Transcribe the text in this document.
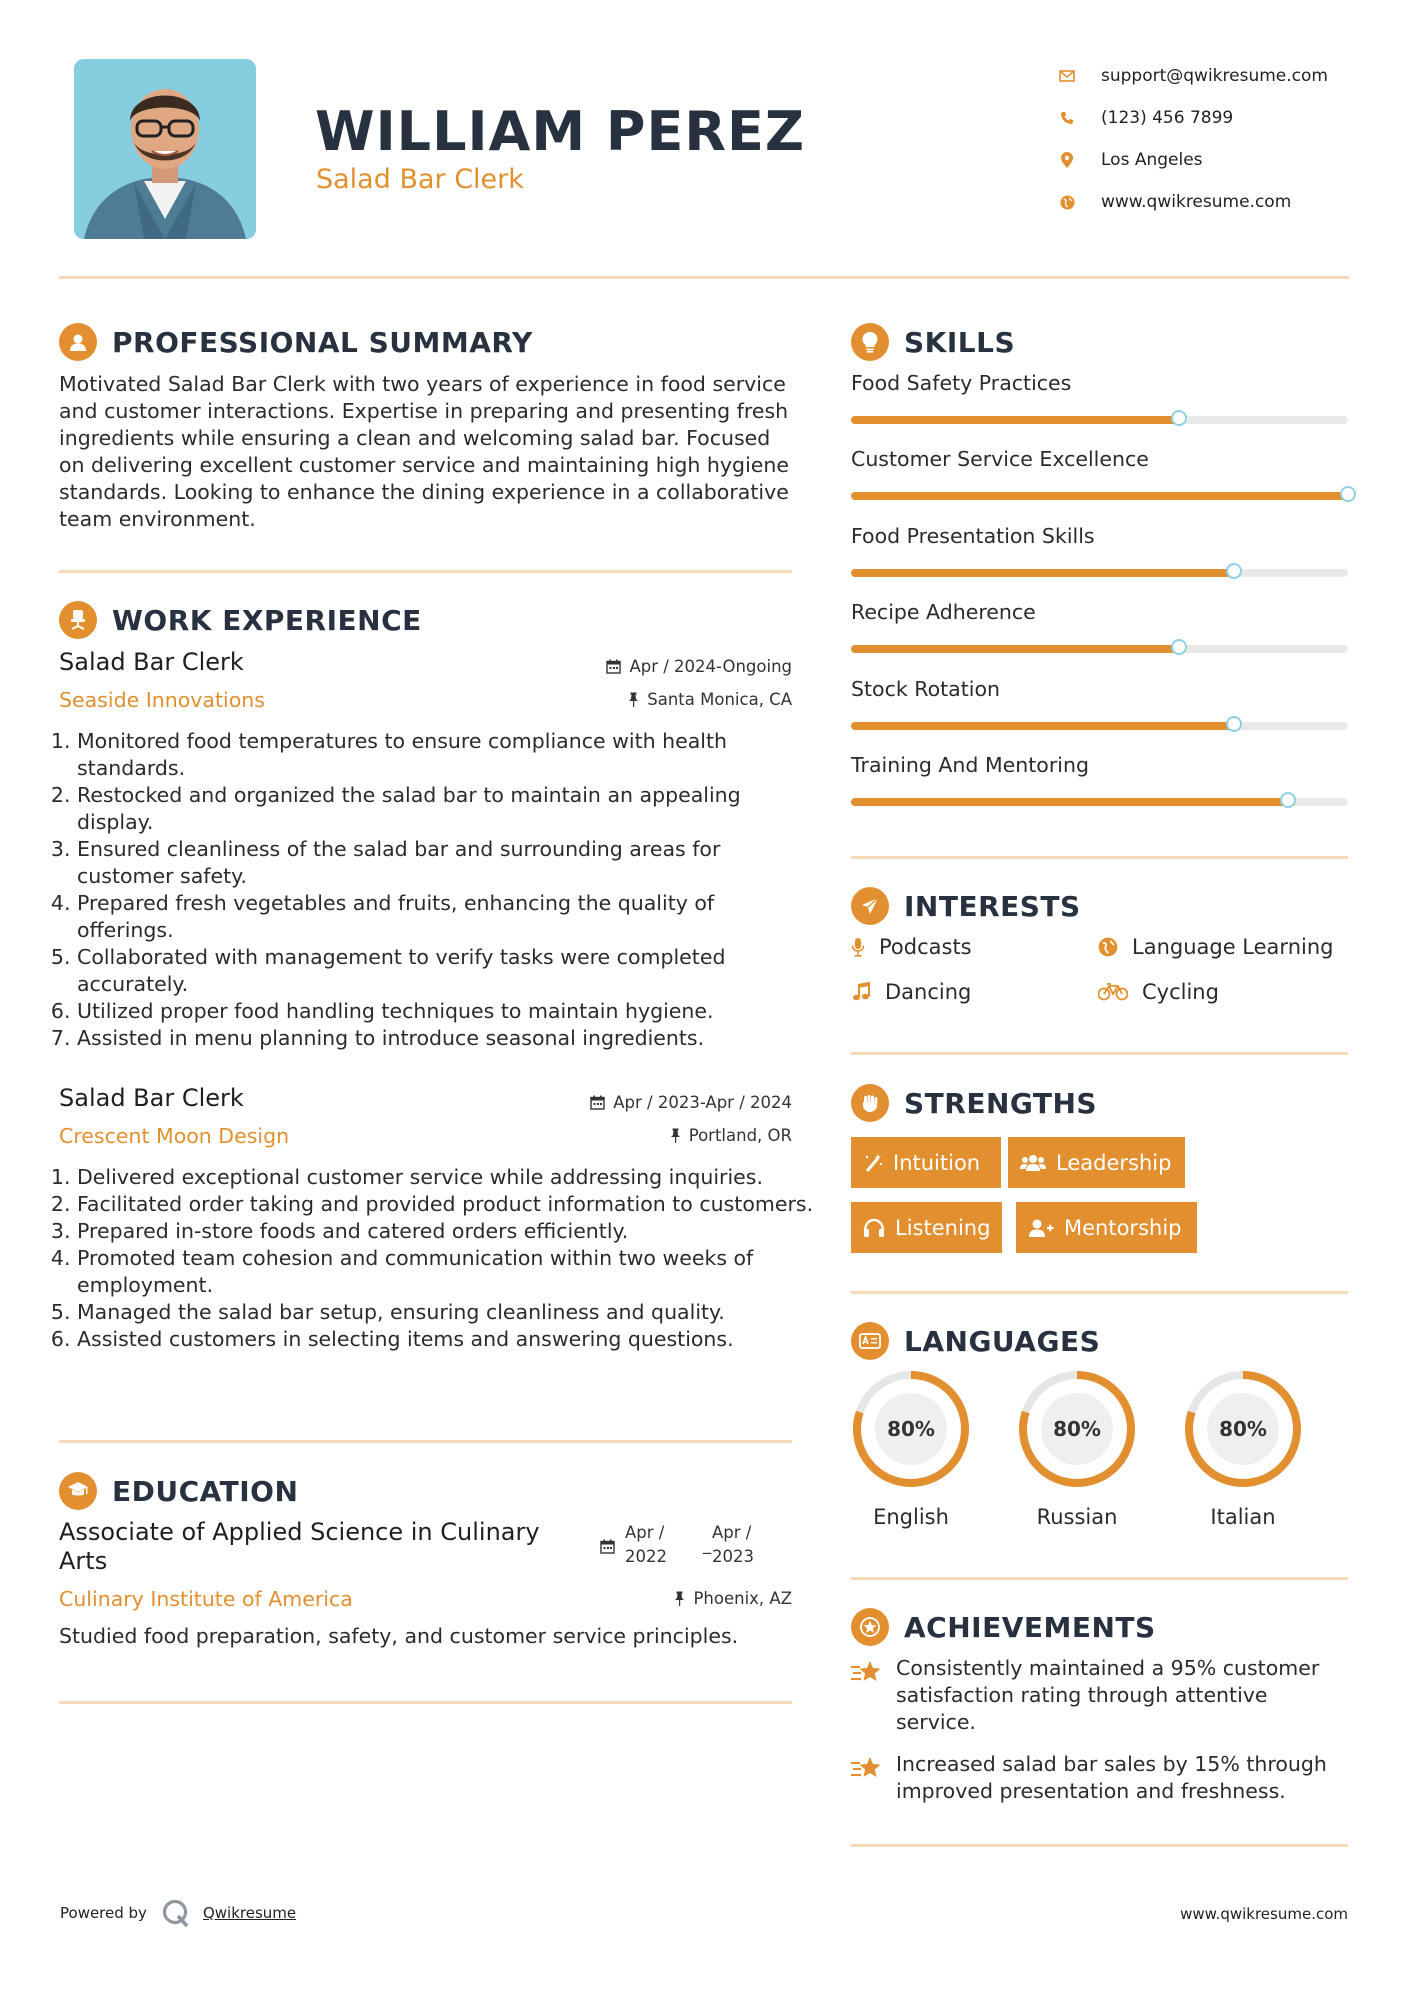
WILLIAM PEREZ
Salad Bar Clerk
support@qwikresume.com
(123) 456 7899
Los Angeles
www.qwikresume.com
PROFESSIONAL SUMMARY
Motivated Salad Bar Clerk with two years of experience in food service and customer interactions. Expertise in preparing and presenting fresh ingredients while ensuring a clean and welcoming salad bar. Focused on delivering excellent customer service and maintaining high hygiene standards. Looking to enhance the dining experience in a collaborative team environment.
WORK EXPERIENCE
Salad Bar Clerk	Apr / 2024-Ongoing
Seaside Innovations	Santa Monica, CA
1. Monitored food temperatures to ensure compliance with health standards.
2. Restocked and organized the salad bar to maintain an appealing display.
3. Ensured cleanliness of the salad bar and surrounding areas for customer safety.
4. Prepared fresh vegetables and fruits, enhancing the quality of offerings.
5. Collaborated with management to verify tasks were completed accurately.
6. Utilized proper food handling techniques to maintain hygiene.
7. Assisted in menu planning to introduce seasonal ingredients.
Salad Bar Clerk	Apr / 2023-Apr / 2024
Crescent Moon Design	Portland, OR
1. Delivered exceptional customer service while addressing inquiries.
2. Facilitated order taking and provided product information to customers.
3. Prepared in-store foods and catered orders efficiently.
4. Promoted team cohesion and communication within two weeks of employment.
5. Managed the salad bar setup, ensuring cleanliness and quality.
6. Assisted customers in selecting items and answering questions.
EDUCATION
Associate of Applied Science in Culinary Arts
Apr / 2022
_
Apr / 2023
Culinary Institute of America	Phoenix, AZ
Studied food preparation, safety, and customer service principles.
SKILLS
Food Safety Practices
Customer Service Excellence
Food Presentation Skills
Recipe Adherence
Stock Rotation
Training And Mentoring
INTERESTS
Podcasts	Language Learning
Dancing	Cycling
STRENGTHS
Intuition	Leadership
Listening	Mentorship
LANGUAGES
80%
English
80%
Russian
80%
Italian
ACHIEVEMENTS
Consistently maintained a 95% customer satisfaction rating through attentive service.
Increased salad bar sales by 15% through improved presentation and freshness.
Powered by	Qwikresume	www.qwikresume.com
